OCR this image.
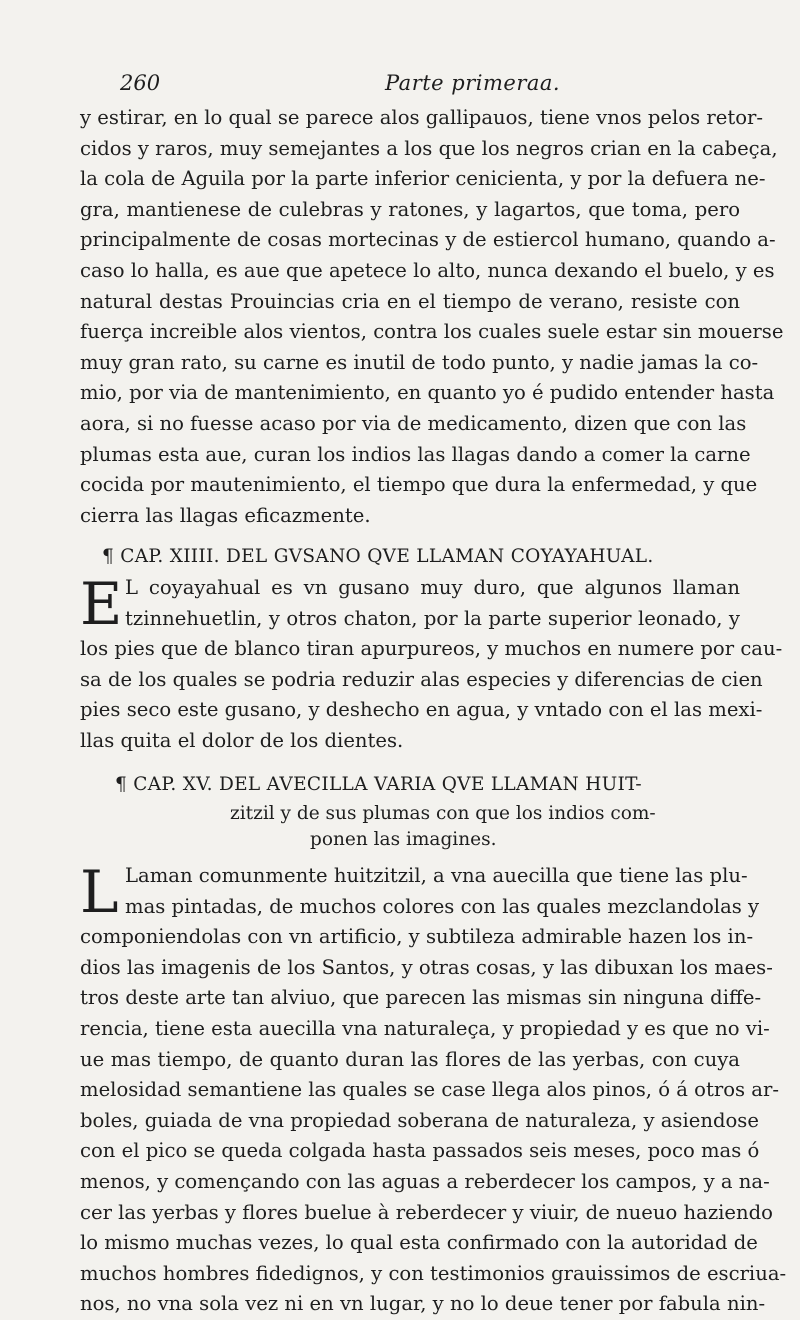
260	Parte primeraa.
y estirar, en lo qual se parece alos gallipauos, tiene vnos pelos retor-
cidos y raros, muy semejantes a los que los negros crian en la cabeça,
la cola de Aguila por la parte inferior cenicienta, y por la defuera ne-
gra, mantienese de culebras y ratones, y lagartos, que toma, pero
principalmente de cosas mortecinas y de estiercol humano, quando a-
caso lo halla, es aue que apetece lo alto, nunca dexando el buelo, y es
natural destas Prouincias cria en el tiempo de verano, resiste con
fuerça increible alos vientos, contra los cuales suele estar sin mouerse
muy gran rato, su carne es inutil de todo punto, y nadie jamas la co-
mio, por via de mantenimiento, en quanto yo é pudido entender hasta
aora, si no fuesse acaso por via de medicamento, dizen que con las
plumas esta aue, curan los indios las llagas dando a comer la carne
cocida por mautenimiento, el tiempo que dura la enfermedad, y que
cierra las llagas eficazmente.
¶ CAP. XIIII. DEL GVSANO QVE LLAMAN COYAYAHUAL.
E L coyayahual es vn gusano muy duro, que algunos llaman
tzinnehuetlin, y otros chaton, por la parte superior leonado, y
los pies que de blanco tiran apurpureos, y muchos en numere por cau-
sa de los quales se podria reduzir alas especies y diferencias de cien
pies seco este gusano, y deshecho en agua, y vntado con el las mexi-
llas quita el dolor de los dientes.
¶ CAP. XV. DEL AVECILLA VARIA QVE LLAMAN HUIT-
zitzil y de sus plumas con que los indios com-
ponen las imagines.
L Laman comunmente huitzitzil, a vna auecilla que tiene las plu-
mas pintadas, de muchos colores con las quales mezclandolas y
componiendolas con vn artificio, y subtileza admirable hazen los in-
dios las imagenis de los Santos, y otras cosas, y las dibuxan los maes-
tros deste arte tan alviuo, que parecen las mismas sin ninguna diffe-
rencia, tiene esta auecilla vna naturaleça, y propiedad y es que no vi-
ue mas tiempo, de quanto duran las flores de las yerbas, con cuya
melosidad semantiene las quales se case llega alos pinos, ó á otros ar-
boles, guiada de vna propiedad soberana de naturaleza, y asiendose
con el pico se queda colgada hasta passados seis meses, poco mas ó
menos, y començando con las aguas a reberdecer los campos, y a na-
cer las yerbas y flores buelue à reberdecer y viuir, de nueuo haziendo
lo mismo muchas vezes, lo qual esta confirmado con la autoridad de
muchos hombres fidedignos, y con testimonios grauissimos de escriua-
nos, no vna sola vez ni en vn lugar, y no lo deue tener por fabula nin-
